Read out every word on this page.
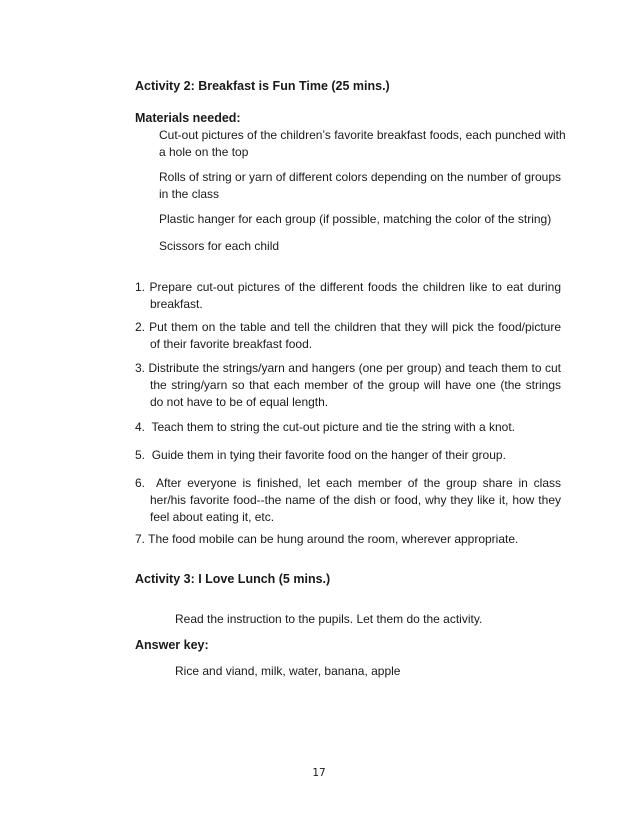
Activity 2: Breakfast is Fun Time (25 mins.)
Materials needed:
Cut-out pictures of the children’s favorite breakfast foods, each punched with a hole on the top
Rolls of string or yarn of different colors depending on the number of groups in the class
Plastic hanger for each group (if possible, matching the color of the string)
Scissors for each child
1. Prepare cut-out pictures of the different foods the children like to eat during breakfast.
2. Put them on the table and tell the children that they will pick the food/picture of their favorite breakfast food.
3. Distribute the strings/yarn and hangers (one per group) and teach them to cut the string/yarn so that each member of the group will have one (the strings do not have to be of equal length.
4.  Teach them to string the cut-out picture and tie the string with a knot.
5.  Guide them in tying their favorite food on the hanger of their group.
6.  After everyone is finished, let each member of the group share in class her/his favorite food--the name of the dish or food, why they like it, how they feel about eating it, etc.
7. The food mobile can be hung around the room, wherever appropriate.
Activity 3: I Love Lunch (5 mins.)
Read the instruction to the pupils. Let them do the activity.
Answer key:
Rice and viand, milk, water, banana, apple
17
